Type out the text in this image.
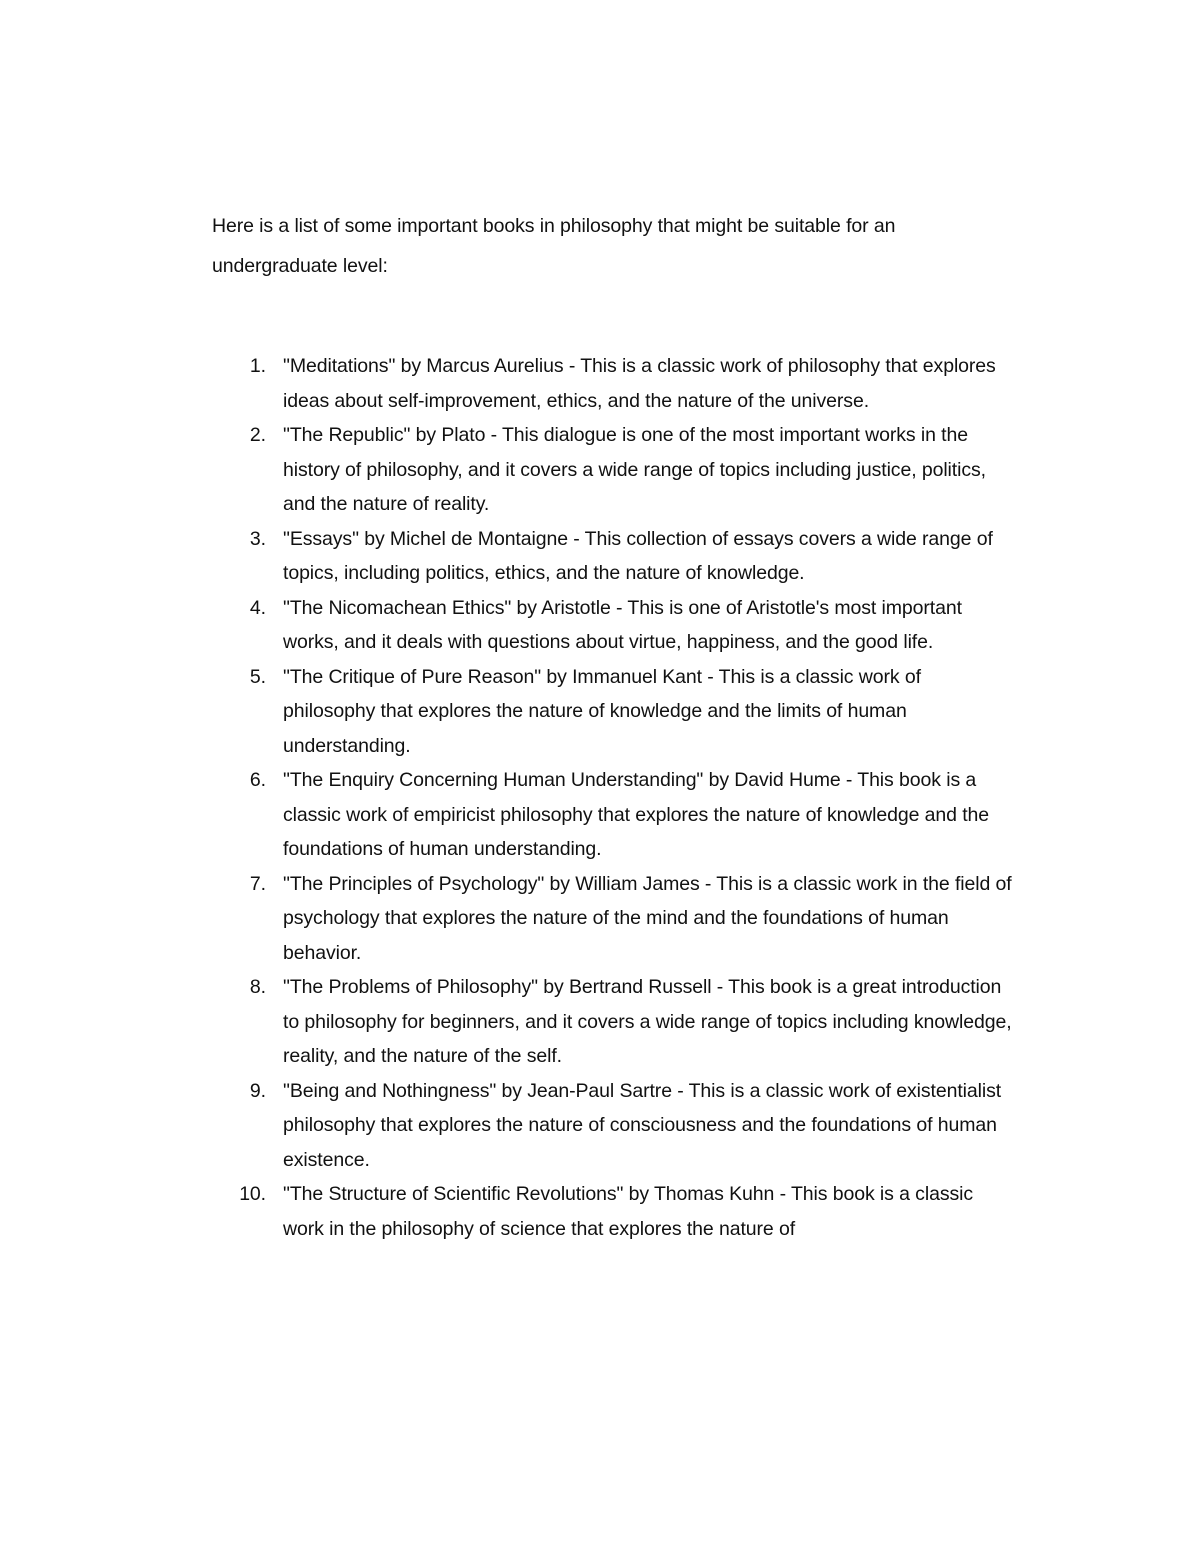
Here is a list of some important books in philosophy that might be suitable for an undergraduate level:

1. "Meditations" by Marcus Aurelius - This is a classic work of philosophy that explores ideas about self-improvement, ethics, and the nature of the universe.
2. "The Republic" by Plato - This dialogue is one of the most important works in the history of philosophy, and it covers a wide range of topics including justice, politics, and the nature of reality.
3. "Essays" by Michel de Montaigne - This collection of essays covers a wide range of topics, including politics, ethics, and the nature of knowledge.
4. "The Nicomachean Ethics" by Aristotle - This is one of Aristotle's most important works, and it deals with questions about virtue, happiness, and the good life.
5. "The Critique of Pure Reason" by Immanuel Kant - This is a classic work of philosophy that explores the nature of knowledge and the limits of human understanding.
6. "The Enquiry Concerning Human Understanding" by David Hume - This book is a classic work of empiricist philosophy that explores the nature of knowledge and the foundations of human understanding.
7. "The Principles of Psychology" by William James - This is a classic work in the field of psychology that explores the nature of the mind and the foundations of human behavior.
8. "The Problems of Philosophy" by Bertrand Russell - This book is a great introduction to philosophy for beginners, and it covers a wide range of topics including knowledge, reality, and the nature of the self.
9. "Being and Nothingness" by Jean-Paul Sartre - This is a classic work of existentialist philosophy that explores the nature of consciousness and the foundations of human existence.
10. "The Structure of Scientific Revolutions" by Thomas Kuhn - This book is a classic work in the philosophy of science that explores the nature of
